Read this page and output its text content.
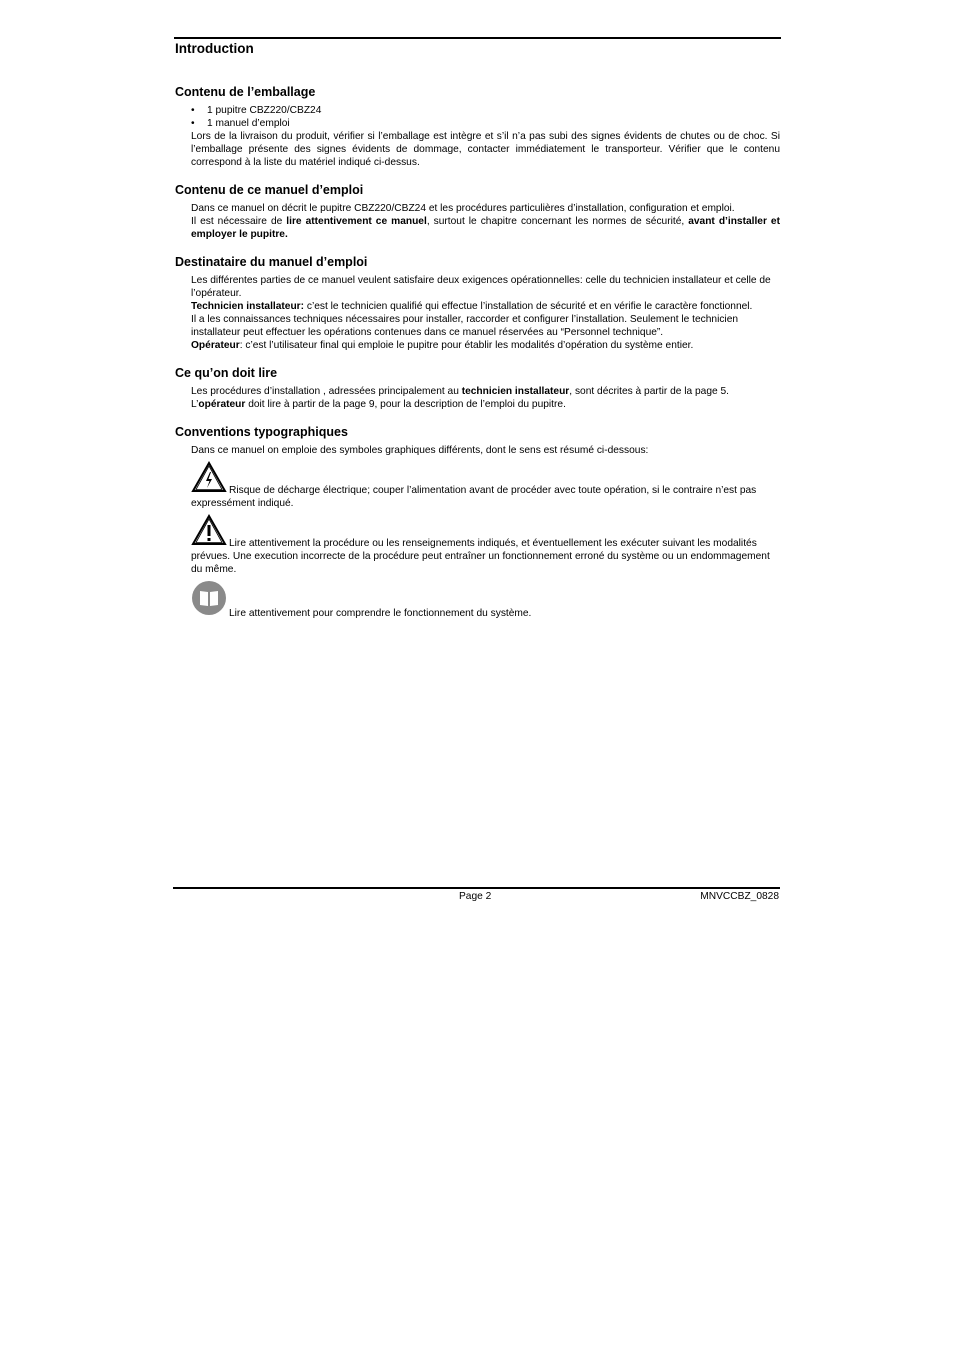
Introduction
Contenu de l’emballage
• 1 pupitre CBZ220/CBZ24
• 1 manuel d’emploi

Lors de la livraison du produit, vérifier si l’emballage est intègre et s’il n’a pas subi des signes évidents de chutes ou de choc. Si l’emballage présente des signes évidents de dommage, contacter immédiatement le transporteur. Vérifier que le contenu correspond à la liste du matériel indiqué ci-dessus.

Contenu de ce manuel d’emploi

Dans ce manuel on décrit le pupitre CBZ220/CBZ24 et les procédures particulières d’installation, configuration et emploi.

Il est nécessaire de lire attentivement ce manuel, surtout le chapitre concernant les normes de sécurité, avant d’installer et employer le pupitre.

Destinataire du manuel d’emploi

Les différentes parties de ce manuel veulent satisfaire deux exigences opérationnelles: celle du technicien installateur et celle de l’opérateur.

Technicien installateur: c’est le technicien qualifié qui effectue l’installation de sécurité et en vérifie le caractère fonctionnel.

Il a les connaissances techniques nécessaires pour installer, raccorder et configurer l’installation. Seulement le technicien installateur peut effectuer les opérations contenues dans ce manuel réservées au “Personnel technique”.

Opérateur: c’est l’utilisateur final qui emploie le pupitre pour établir les modalités d’opération du système entier.

Ce qu’on doit lire

Les procédures d’installation , adressées principalement au technicien installateur, sont décrites à partir de la page 5.

L’opérateur doit lire à partir de la page 9, pour la description de l’emploi du pupitre.

Conventions typographiques

Dans ce manuel on emploie des symboles graphiques différents, dont le sens est résumé ci-dessous:

Risque de décharge électrique; couper l’alimentation avant de procéder avec toute opération, si le contraire n’est pas expressément indiqué.
Lire attentivement la procédure ou les renseignements indiqués, et éventuellement les exécuter suivant les modalités prévues. Une execution incorrecte de la procédure peut entraîner un fonctionnement erroné du système ou un endommagement du même.
Lire attentivement pour comprendre le fonctionnement du système.
Page 2	MNVCCBZ_0828
